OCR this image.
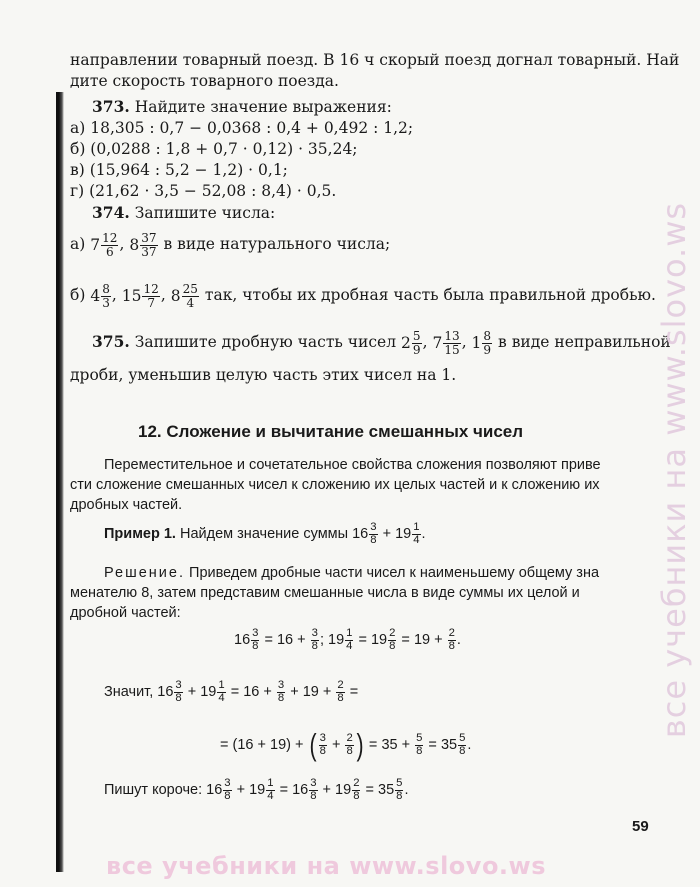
направлении товарный поезд. В 16 ч скорый поезд догнал товарный. Най
дите скорость товарного поезда.
373. Найдите значение выражения:
а) 18,305 : 0,7 − 0,0368 : 0,4 + 0,492 : 1,2;
б) (0,0288 : 1,8 + 0,7 · 0,12) · 35,24;
в) (15,964 : 5,2 − 1,2) · 0,1;
г) (21,62 · 3,5 − 52,08 : 8,4) · 0,5.
374. Запишите числа:
а) $7 \frac{12}{6}$ , $8 \frac{37}{37}$ в виде натурального числа;
б) $4 \frac{8}{3}$ , $15 \frac{12}{7}$ , $8 \frac{25}{4}$ так, чтобы их дробная часть была правильной дробью.
375. Запишите дробную часть чисел $2 \frac{5}{9}$ , $7 \frac{13}{15}$ , $1 \frac{8}{9}$ в виде неправильной
дроби, уменьшив целую часть этих чисел на 1.
12. Сложение и вычитание смешанных чисел
Переместительное и сочетательное свойства сложения позволяют приве
сти сложение смешанных чисел к сложению их целых частей и к сложению их
дробных частей.
Пример 1. Найдем значение суммы $16 \frac{3}{8} + 19 \frac{1}{4}$ .
Решение. Приведем дробные части чисел к наименьшему общему зна
менателю 8, затем представим смешанные числа в виде суммы их целой и
дробной частей:
$16 \frac{3}{8} = 16 + \frac{3}{8}$ ; $19 \frac{1}{4} = 19 \frac{2}{8} = 19 + \frac{2}{8}$ .
Значит, $16 \frac{3}{8} + 19 \frac{1}{4} = 16 + \frac{3}{8} + 19 + \frac{2}{8}$ =
= (16 + 19) + ( $\frac{3}{8} + \frac{2}{8}$ ) = $35 + \frac{5}{8} = 35 \frac{5}{8}$ .
Пишут короче: $16 \frac{3}{8} + 19 \frac{1}{4} = 16 \frac{3}{8} + 19 \frac{2}{8} = 35 \frac{5}{8}$ .
59
все учебники на www.slovo.ws
все учебники на www.slovo.ws
